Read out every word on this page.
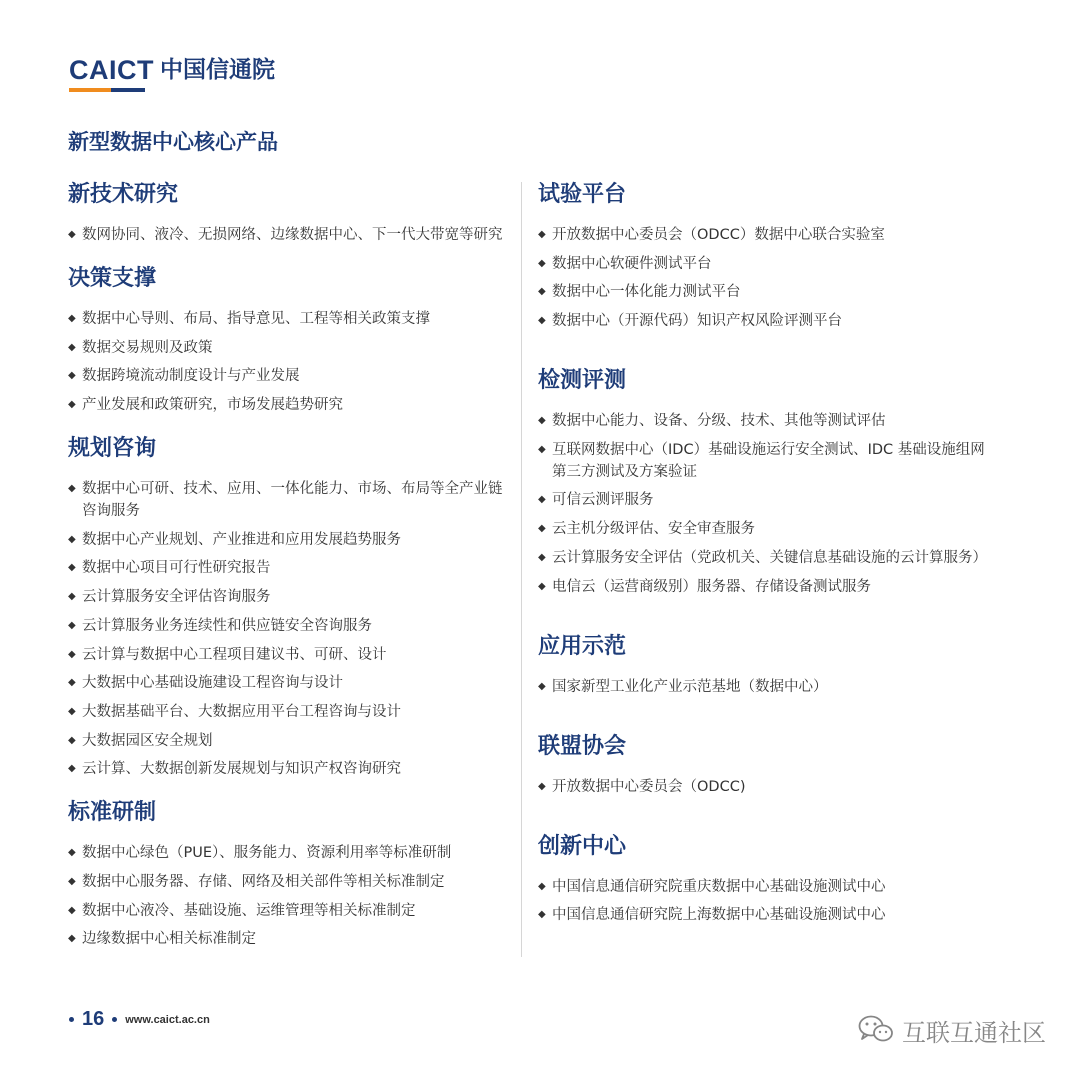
CAICT 中国信通院
新型数据中心核心产品
新技术研究
◆ 数网协同、液冷、无损网络、边缘数据中心、下一代大带宽等研究
决策支撑
◆ 数据中心导则、布局、指导意见、工程等相关政策支撑
◆ 数据交易规则及政策
◆ 数据跨境流动制度设计与产业发展
◆ 产业发展和政策研究，市场发展趋势研究
规划咨询
◆ 数据中心可研、技术、应用、一体化能力、市场、布局等全产业链咨询服务
◆ 数据中心产业规划、产业推进和应用发展趋势服务
◆ 数据中心项目可行性研究报告
◆ 云计算服务安全评估咨询服务
◆ 云计算服务业务连续性和供应链安全咨询服务
◆ 云计算与数据中心工程项目建议书、可研、设计
◆ 大数据中心基础设施建设工程咨询与设计
◆ 大数据基础平台、大数据应用平台工程咨询与设计
◆ 大数据园区安全规划
◆ 云计算、大数据创新发展规划与知识产权咨询研究
标准研制
◆ 数据中心绿色（PUE）、服务能力、资源利用率等标准研制
◆ 数据中心服务器、存储、网络及相关部件等相关标准制定
◆ 数据中心液冷、基础设施、运维管理等相关标准制定
◆ 边缘数据中心相关标准制定
试验平台
◆ 开放数据中心委员会（ODCC）数据中心联合实验室
◆ 数据中心软硬件测试平台
◆ 数据中心一体化能力测试平台
◆ 数据中心（开源代码）知识产权风险评测平台
检测评测
◆ 数据中心能力、设备、分级、技术、其他等测试评估
◆ 互联网数据中心（IDC）基础设施运行安全测试、IDC 基础设施组网第三方测试及方案验证
◆ 可信云测评服务
◆ 云主机分级评估、安全审查服务
◆ 云计算服务安全评估（党政机关、关键信息基础设施的云计算服务）
◆ 电信云（运营商级别）服务器、存储设备测试服务
应用示范
◆ 国家新型工业化产业示范基地（数据中心）
联盟协会
◆ 开放数据中心委员会（ODCC)
创新中心
◆ 中国信息通信研究院重庆数据中心基础设施测试中心
◆ 中国信息通信研究院上海数据中心基础设施测试中心
16 www.caict.ac.cn	互联互通社区
